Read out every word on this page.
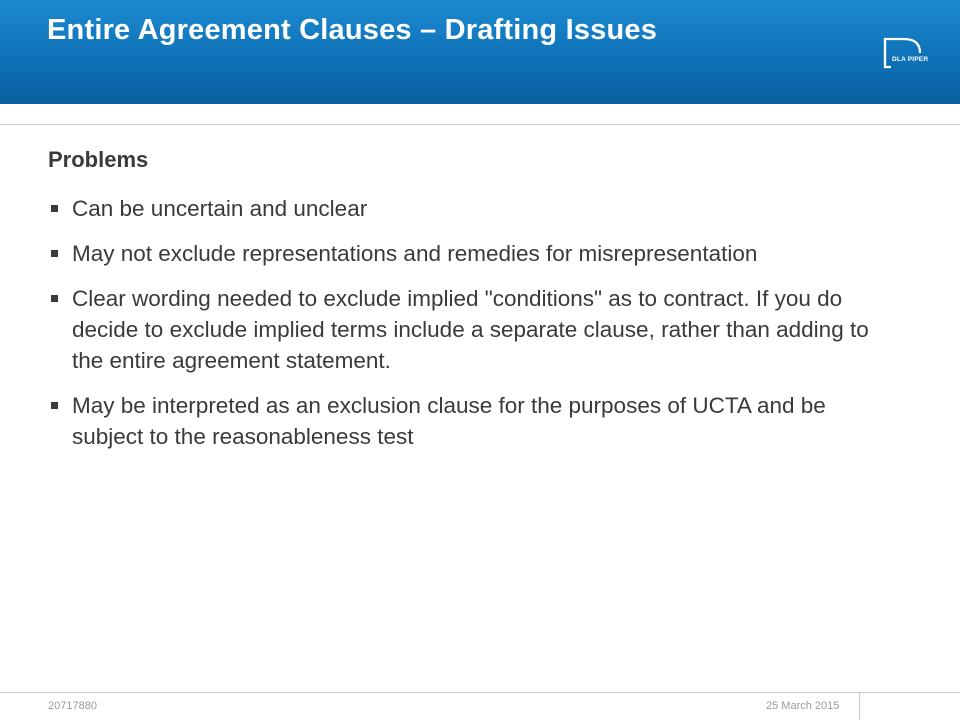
Entire Agreement Clauses – Drafting Issues
DLA PIPER
Problems
Can be uncertain and unclear
May not exclude representations and remedies for misrepresentation
Clear wording needed to exclude implied "conditions" as to contract. If you do decide to exclude implied terms include a separate clause, rather than adding to the entire agreement statement.
May be interpreted as an exclusion clause for the purposes of UCTA and be subject to the reasonableness test
20717880	25 March 2015
